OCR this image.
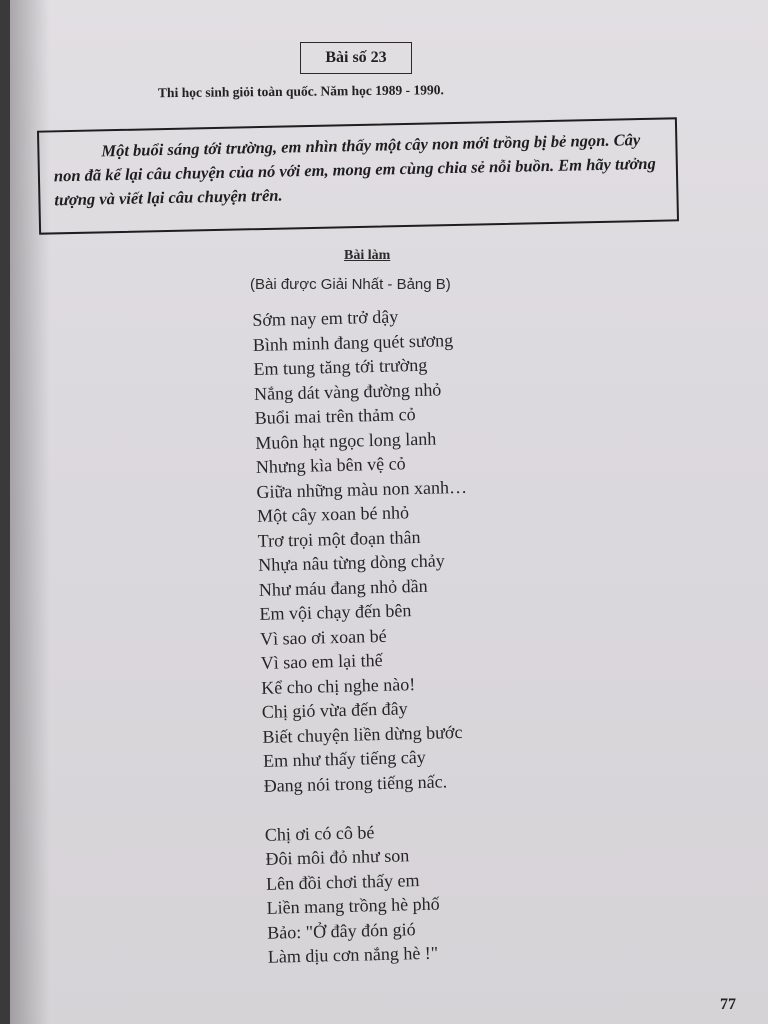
Bài số 23
Thi học sinh giỏi toàn quốc. Năm học 1989 - 1990.

Một buổi sáng tới trường, em nhìn thấy một cây non mới trồng bị bẻ ngọn. Cây non đã kể lại câu chuyện của nó với em, mong em cùng chia sẻ nỗi buồn. Em hãy tưởng tượng và viết lại câu chuyện trên.

Bài làm
(Bài được Giải Nhất - Bảng B)
Sớm nay em trở dậy
Bình minh đang quét sương
Em tung tăng tới trường
Nắng dát vàng đường nhỏ
Buổi mai trên thảm cỏ
Muôn hạt ngọc long lanh
Nhưng kìa bên vệ cỏ
Giữa những màu non xanh…
Một cây xoan bé nhỏ
Trơ trọi một đoạn thân
Nhựa nâu từng dòng chảy
Như máu đang nhỏ dần
Em vội chạy đến bên
Vì sao ơi xoan bé
Vì sao em lại thế
Kể cho chị nghe nào!
Chị gió vừa đến đây
Biết chuyện liền dừng bước
Em như thấy tiếng cây
Đang nói trong tiếng nấc.
Chị ơi có cô bé
Đôi môi đỏ như son
Lên đồi chơi thấy em
Liền mang trồng hè phố
Bảo: "Ở đây đón gió
Làm dịu cơn nắng hè !"
77
